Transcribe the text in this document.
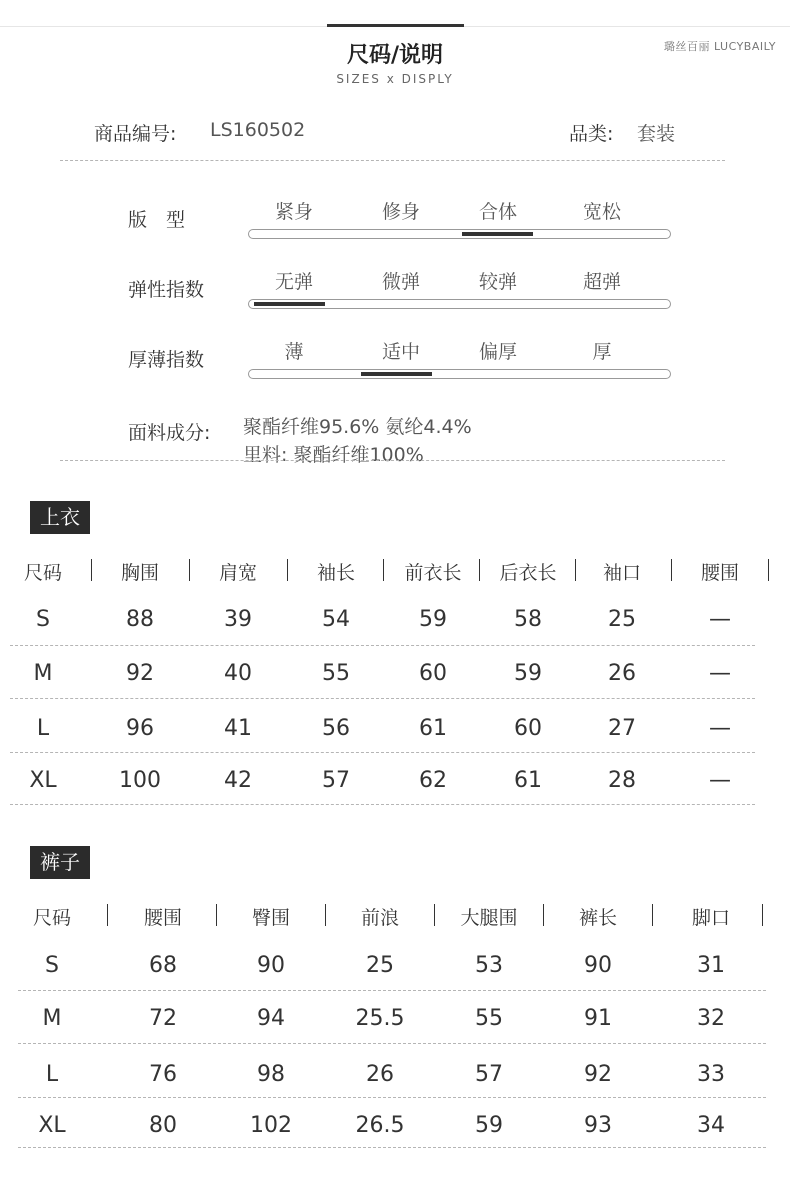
尺码/说明
SIZES x DISPLY
璐丝百丽 LUCYBAILY
商品编号: LS160502	品类: 套装
版　型	紧身	修身	合体	宽松
弹性指数	无弹	微弹	较弹	超弹
厚薄指数	薄	适中	偏厚	厚
面料成分: 聚酯纤维95.6% 氨纶4.4%
里料: 聚酯纤维100%
上衣
尺码	胸围	肩宽	袖长	前衣长	后衣长	袖口	腰围
S	88	39	54	59	58	25	—
M	92	40	55	60	59	26	—
L	96	41	56	61	60	27	—
XL	100	42	57	62	61	28	—
裤子
尺码	腰围	臀围	前浪	大腿围	裤长	脚口
S	68	90	25	53	90	31
M	72	94	25.5	55	91	32
L	76	98	26	57	92	33
XL	80	102	26.5	59	93	34
